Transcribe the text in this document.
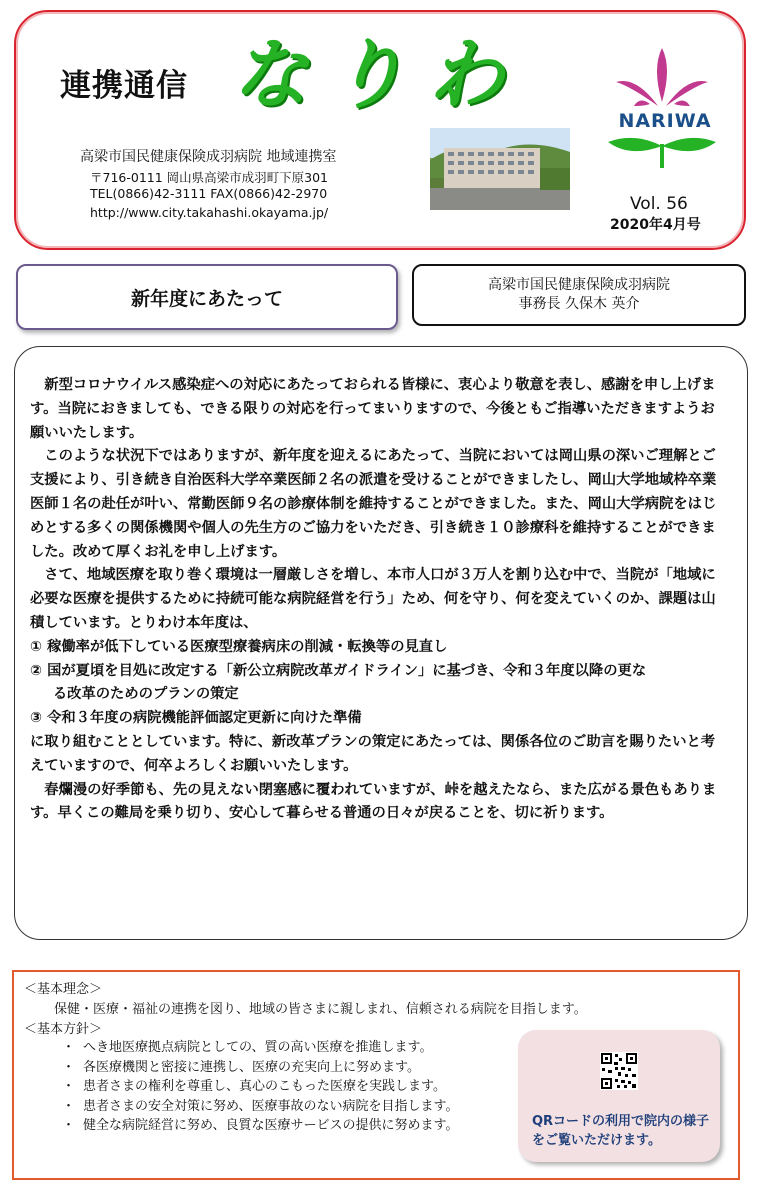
連携通信 なりわ
高梁市国民健康保険成羽病院 地域連携室
〒716-0111 岡山県高梁市成羽町下原301
TEL(0866)42-3111 FAX(0866)42-2970
http://www.city.takahashi.okayama.jp/
NARIWA
Vol. 56
2020年4月号
新年度にあたって
高梁市国民健康保険成羽病院
事務長 久保木 英介

新型コロナウイルス感染症への対応にあたっておられる皆様に、衷心より敬意を表し、感謝を申し上げます。当院におきましても、できる限りの対応を行ってまいりますので、今後ともご指導いただきますようお願いいたします。

このような状況下ではありますが、新年度を迎えるにあたって、当院においては岡山県の深いご理解とご支援により、引き続き自治医科大学卒業医師２名の派遣を受けることができましたし、岡山大学地域枠卒業医師１名の赴任が叶い、常勤医師９名の診療体制を維持することができました。また、岡山大学病院をはじめとする多くの関係機関や個人の先生方のご協力をいただき、引き続き１０診療科を維持することができました。改めて厚くお礼を申し上げます。

さて、地域医療を取り巻く環境は一層厳しさを増し、本市人口が３万人を割り込む中で、当院が「地域に必要な医療を提供するために持続可能な病院経営を行う」ため、何を守り、何を変えていくのか、課題は山積しています。とりわけ本年度は、

① 稼働率が低下している医療型療養病床の削減・転換等の見直し

② 国が夏頃を目処に改定する「新公立病院改革ガイドライン」に基づき、令和３年度以降の更な

る改革のためのプランの策定

③ 令和３年度の病院機能評価認定更新に向けた準備

に取り組むこととしています。特に、新改革プランの策定にあたっては、関係各位のご助言を賜りたいと考えていますので、何卒よろしくお願いいたします。

春爛漫の好季節も、先の見えない閉塞感に覆われていますが、峠を越えたなら、また広がる景色もあります。早くこの難局を乗り切り、安心して暮らせる普通の日々が戻ることを、切に祈ります。

＜基本理念＞
保健・医療・福祉の連携を図り、地域の皆さまに親しまれ、信頼される病院を目指します。
＜基本方針＞
・ へき地医療拠点病院としての、質の高い医療を推進します。
・ 各医療機関と密接に連携し、医療の充実向上に努めます。
・ 患者さまの権利を尊重し、真心のこもった医療を実践します。
・ 患者さまの安全対策に努め、医療事故のない病院を目指します。
・ 健全な病院経営に努め、良質な医療サービスの提供に努めます。	QRコードの利用で院内の様子をご覧いただけます。
